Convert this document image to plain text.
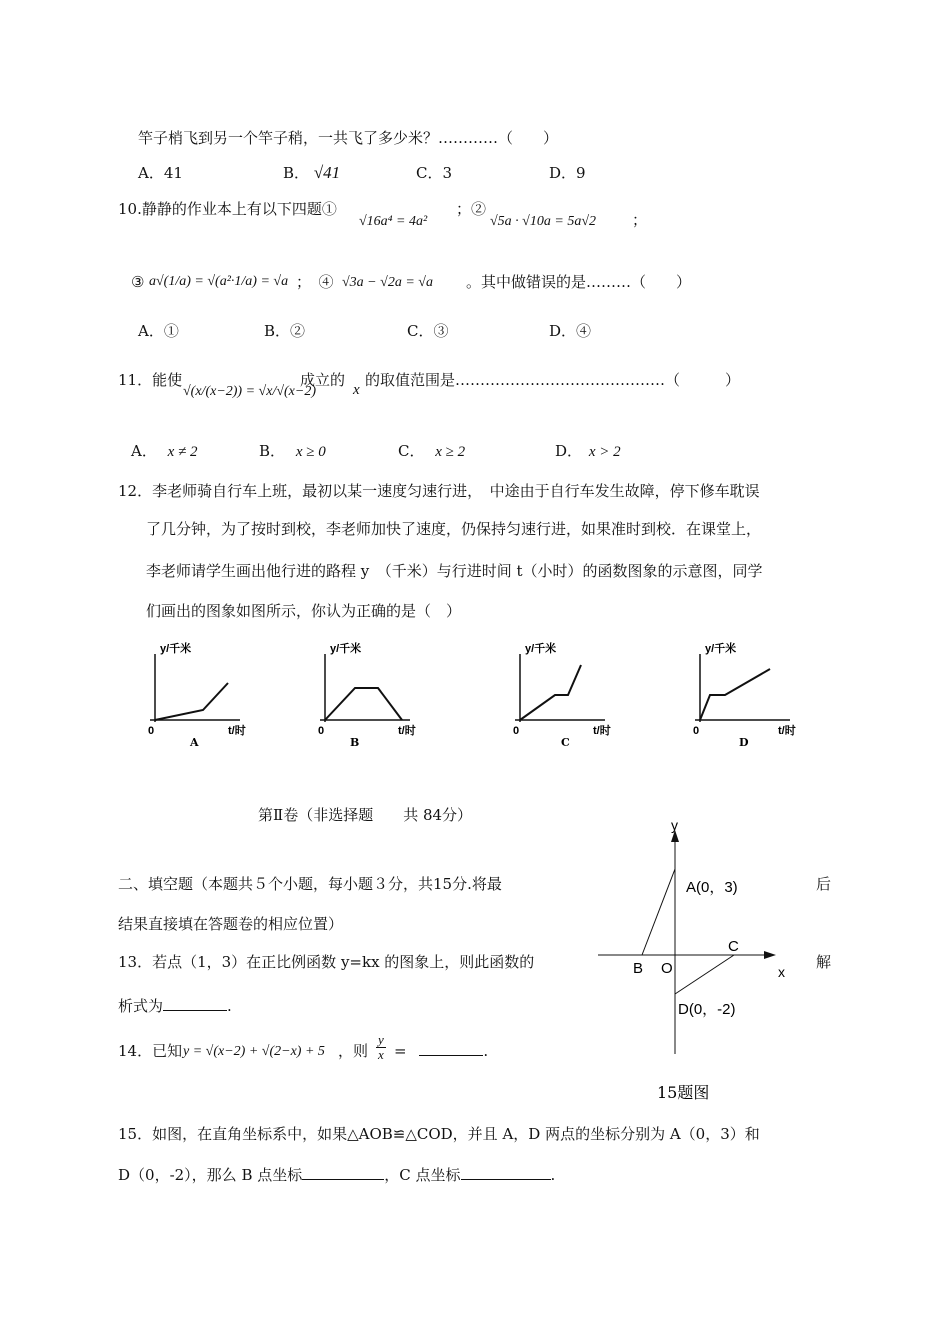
竿子梢飞到另一个竿子稍，一共飞了多少米？…………（　　）
A．41	B． √41	C．3	D．9
10.静静的作业本上有以下四题①
√16a⁴ = 4a²
；②
√5a · √10a = 5a√2 ；
③ a√(1/a) = √(a²·1/a) = √a ；　④ √3a − √2a = √a 。其中做错误的是………（　　）
A．①	B．②	C．③	D．④
11．能使
√(x/(x−2)) = √x/√(x−2)
成立的
x
的取值范围是……………………………………（　　　）
A． x ≠ 2	B． x ≥ 0	C． x ≥ 2	D． x > 2
12．李老师骑自行车上班，最初以某一速度匀速行进，　中途由于自行车发生故障，停下修车耽误
了几分钟，为了按时到校，李老师加快了速度，仍保持匀速行进，如果准时到校．在课堂上，
李老师请学生画出他行进的路程 y　（千米）与行进时间 t（小时）的函数图象的示意图，同学
们画出的图象如图所示，你认为正确的是（　）
y/千米
t/时
0
A
y/千米
t/时
0
B
y/千米
t/时
0
C
y/千米
t/时
0
D
第Ⅱ卷（非选择题　　共 84分）
二、填空题（本题共５个小题，每小题３分，共15分.将最	后
结果直接填在答题卷的相应位置）
13．若点（1，3）在正比例函数 y=kx 的图象上，则此函数的	解
析式为	.
14．已知 y = √(x−2) + √(2−x) + 5 ，则 $\frac{y}{x}$ =	.
y
x
A(0，3)
C
B O
D(0，-2)
15题图
15．如图，在直角坐标系中，如果△AOB≌△COD，并且 A，D 两点的坐标分别为 A（0，3）和
D（0，-2），那么 B 点坐标	，C 点坐标	.
